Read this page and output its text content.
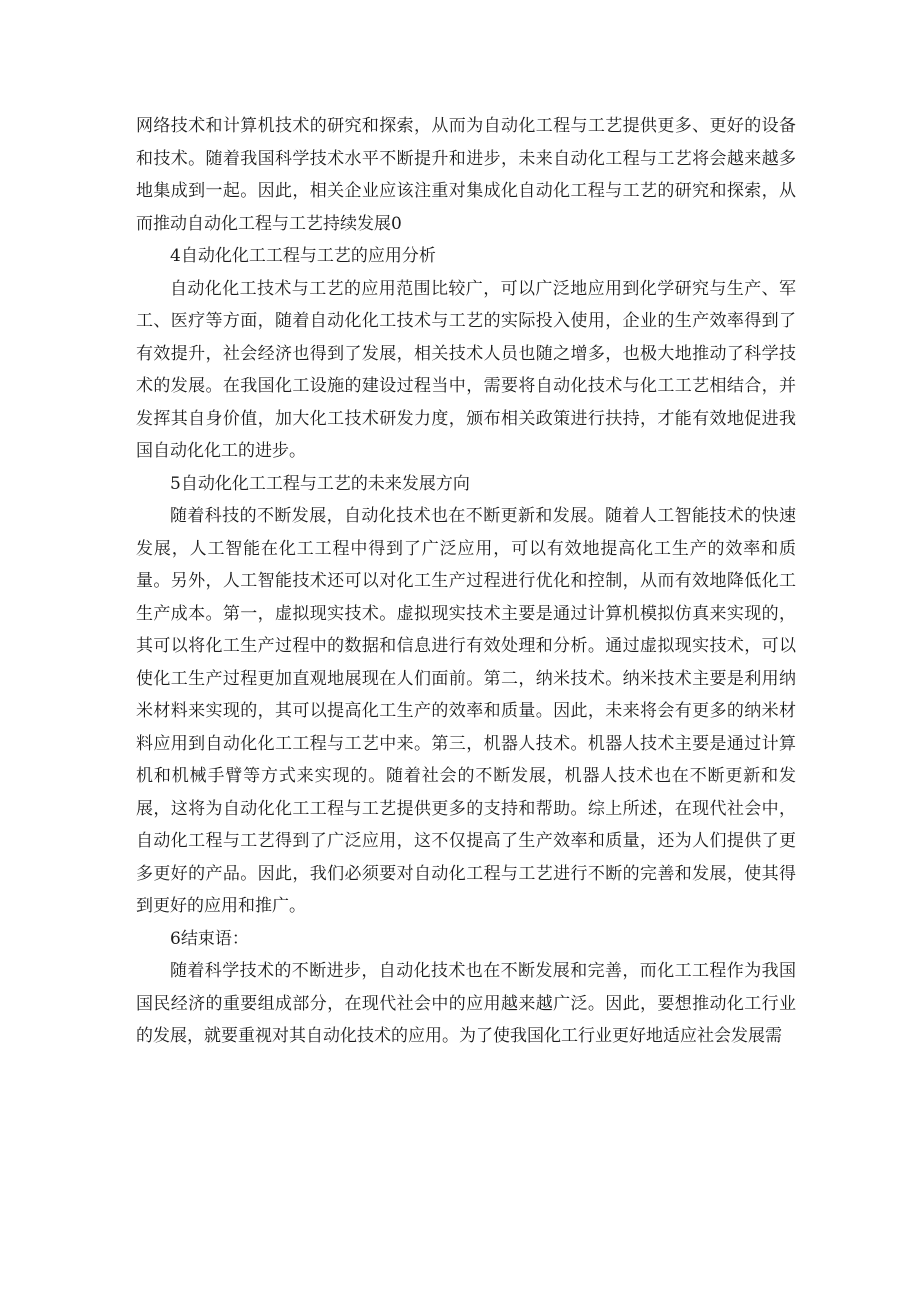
网络技术和计算机技术的研究和探索，从而为自动化工程与工艺提供更多、更好的设备和技术。随着我国科学技术水平不断提升和进步，未来自动化工程与工艺将会越来越多地集成到一起。因此，相关企业应该注重对集成化自动化工程与工艺的研究和探索，从而推动自动化工程与工艺持续发展0

4自动化化工工程与工艺的应用分析

自动化化工技术与工艺的应用范围比较广，可以广泛地应用到化学研究与生产、军工、医疗等方面，随着自动化化工技术与工艺的实际投入使用，企业的生产效率得到了有效提升，社会经济也得到了发展，相关技术人员也随之增多，也极大地推动了科学技术的发展。在我国化工设施的建设过程当中，需要将自动化技术与化工工艺相结合，并发挥其自身价值，加大化工技术研发力度，颁布相关政策进行扶持，才能有效地促进我国自动化化工的进步。

5自动化化工工程与工艺的未来发展方向

随着科技的不断发展，自动化技术也在不断更新和发展。随着人工智能技术的快速发展，人工智能在化工工程中得到了广泛应用，可以有效地提高化工生产的效率和质量。另外，人工智能技术还可以对化工生产过程进行优化和控制，从而有效地降低化工生产成本。第一，虚拟现实技术。虚拟现实技术主要是通过计算机模拟仿真来实现的，其可以将化工生产过程中的数据和信息进行有效处理和分析。通过虚拟现实技术，可以使化工生产过程更加直观地展现在人们面前。第二，纳米技术。纳米技术主要是利用纳米材料来实现的，其可以提高化工生产的效率和质量。因此，未来将会有更多的纳米材料应用到自动化化工工程与工艺中来。第三，机器人技术。机器人技术主要是通过计算机和机械手臂等方式来实现的。随着社会的不断发展，机器人技术也在不断更新和发展，这将为自动化化工工程与工艺提供更多的支持和帮助。综上所述，在现代社会中，自动化工程与工艺得到了广泛应用，这不仅提高了生产效率和质量，还为人们提供了更多更好的产品。因此，我们必须要对自动化工程与工艺进行不断的完善和发展，使其得到更好的应用和推广。

6结束语：

随着科学技术的不断进步，自动化技术也在不断发展和完善，而化工工程作为我国国民经济的重要组成部分，在现代社会中的应用越来越广泛。因此，要想推动化工行业的发展，就要重视对其自动化技术的应用。为了使我国化工行业更好地适应社会发展需
